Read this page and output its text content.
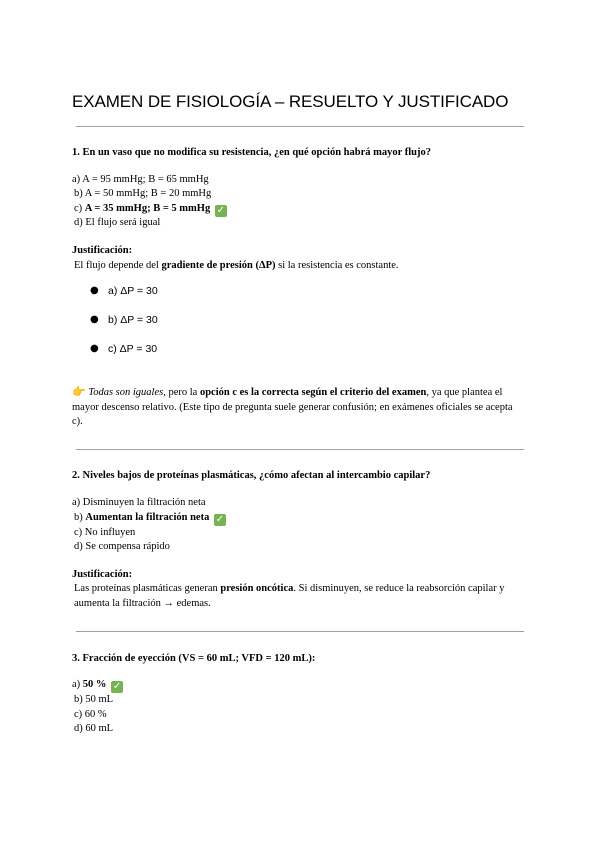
EXAMEN DE FISIOLOGÍA – RESUELTO Y JUSTIFICADO
1. En un vaso que no modifica su resistencia, ¿en qué opción habrá mayor flujo?
a) A = 95 mmHg; B = 65 mmHg
b) A = 50 mmHg; B = 20 mmHg
c) A = 35 mmHg; B = 5 mmHg ✓
d) El flujo será igual
Justificación:
El flujo depende del gradiente de presión (ΔP) si la resistencia es constante.
● a) ΔP = 30
● b) ΔP = 30
● c) ΔP = 30
👉 Todas son iguales, pero la opción c es la correcta según el criterio del examen, ya que plantea el mayor descenso relativo. (Este tipo de pregunta suele generar confusión; en exámenes oficiales se acepta c).
2. Niveles bajos de proteínas plasmáticas, ¿cómo afectan al intercambio capilar?
a) Disminuyen la filtración neta
b) Aumentan la filtración neta ✓
c) No influyen
d) Se compensa rápido
Justificación:
Las proteínas plasmáticas generan presión oncótica. Si disminuyen, se reduce la reabsorción capilar y aumenta la filtración → edemas.
3. Fracción de eyección (VS = 60 mL; VFD = 120 mL):
a) 50 % ✓
b) 50 mL
c) 60 %
d) 60 mL
